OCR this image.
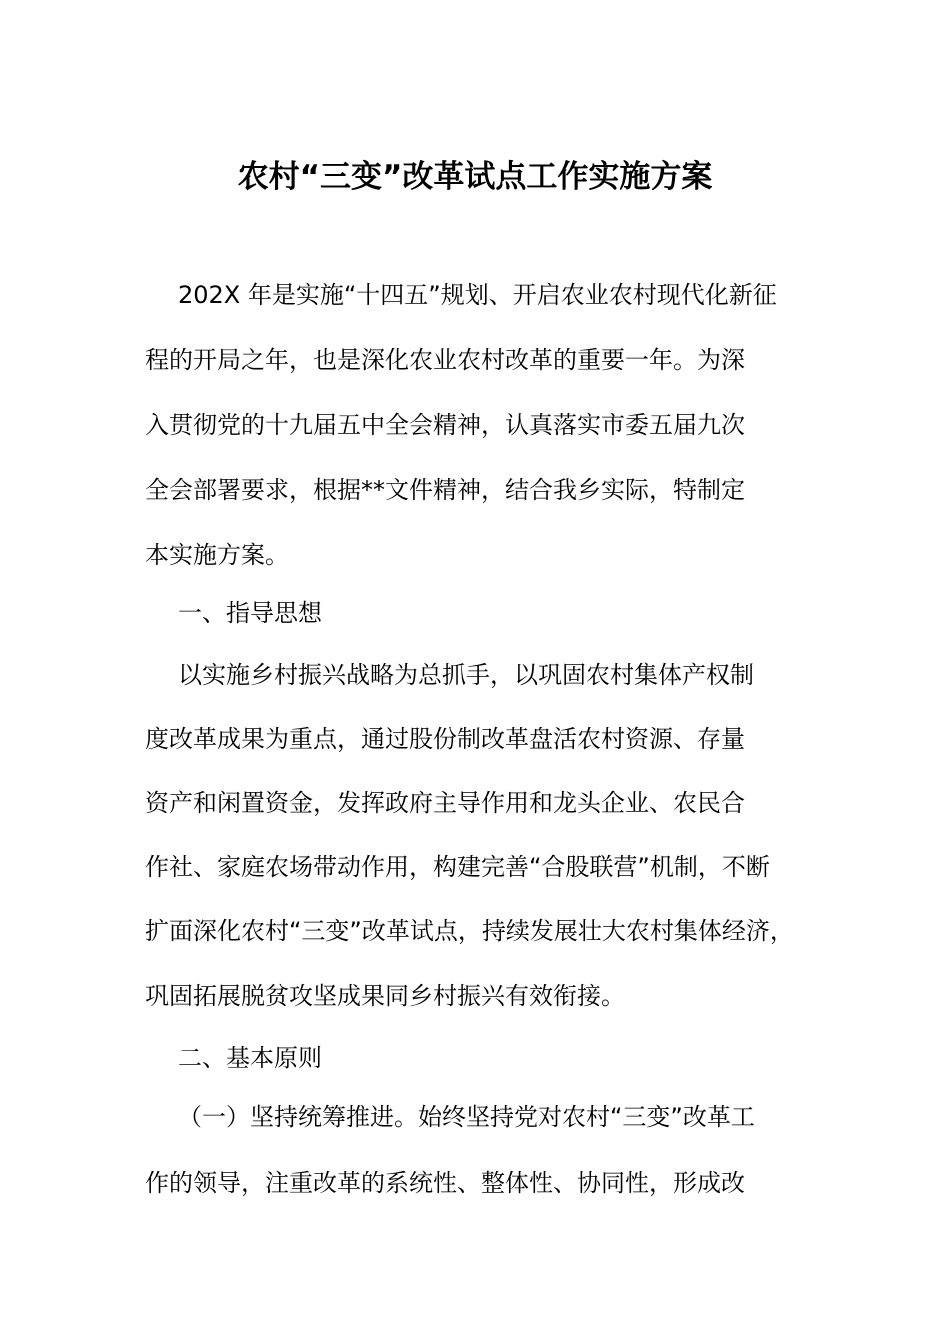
农村“三变”改革试点工作实施方案
202X 年是实施“十四五”规划、开启农业农村现代化新征
程的开局之年，也是深化农业农村改革的重要一年。为深
入贯彻党的十九届五中全会精神，认真落实市委五届九次
全会部署要求，根据**文件精神，结合我乡实际，特制定
本实施方案。
一、指导思想
以实施乡村振兴战略为总抓手，以巩固农村集体产权制
度改革成果为重点，通过股份制改革盘活农村资源、存量
资产和闲置资金，发挥政府主导作用和龙头企业、农民合
作社、家庭农场带动作用，构建完善“合股联营”机制，不断
扩面深化农村“三变”改革试点，持续发展壮大农村集体经济，
巩固拓展脱贫攻坚成果同乡村振兴有效衔接。
二、基本原则
（一）坚持统筹推进。始终坚持党对农村“三变”改革工
作的领导，注重改革的系统性、整体性、协同性，形成改
